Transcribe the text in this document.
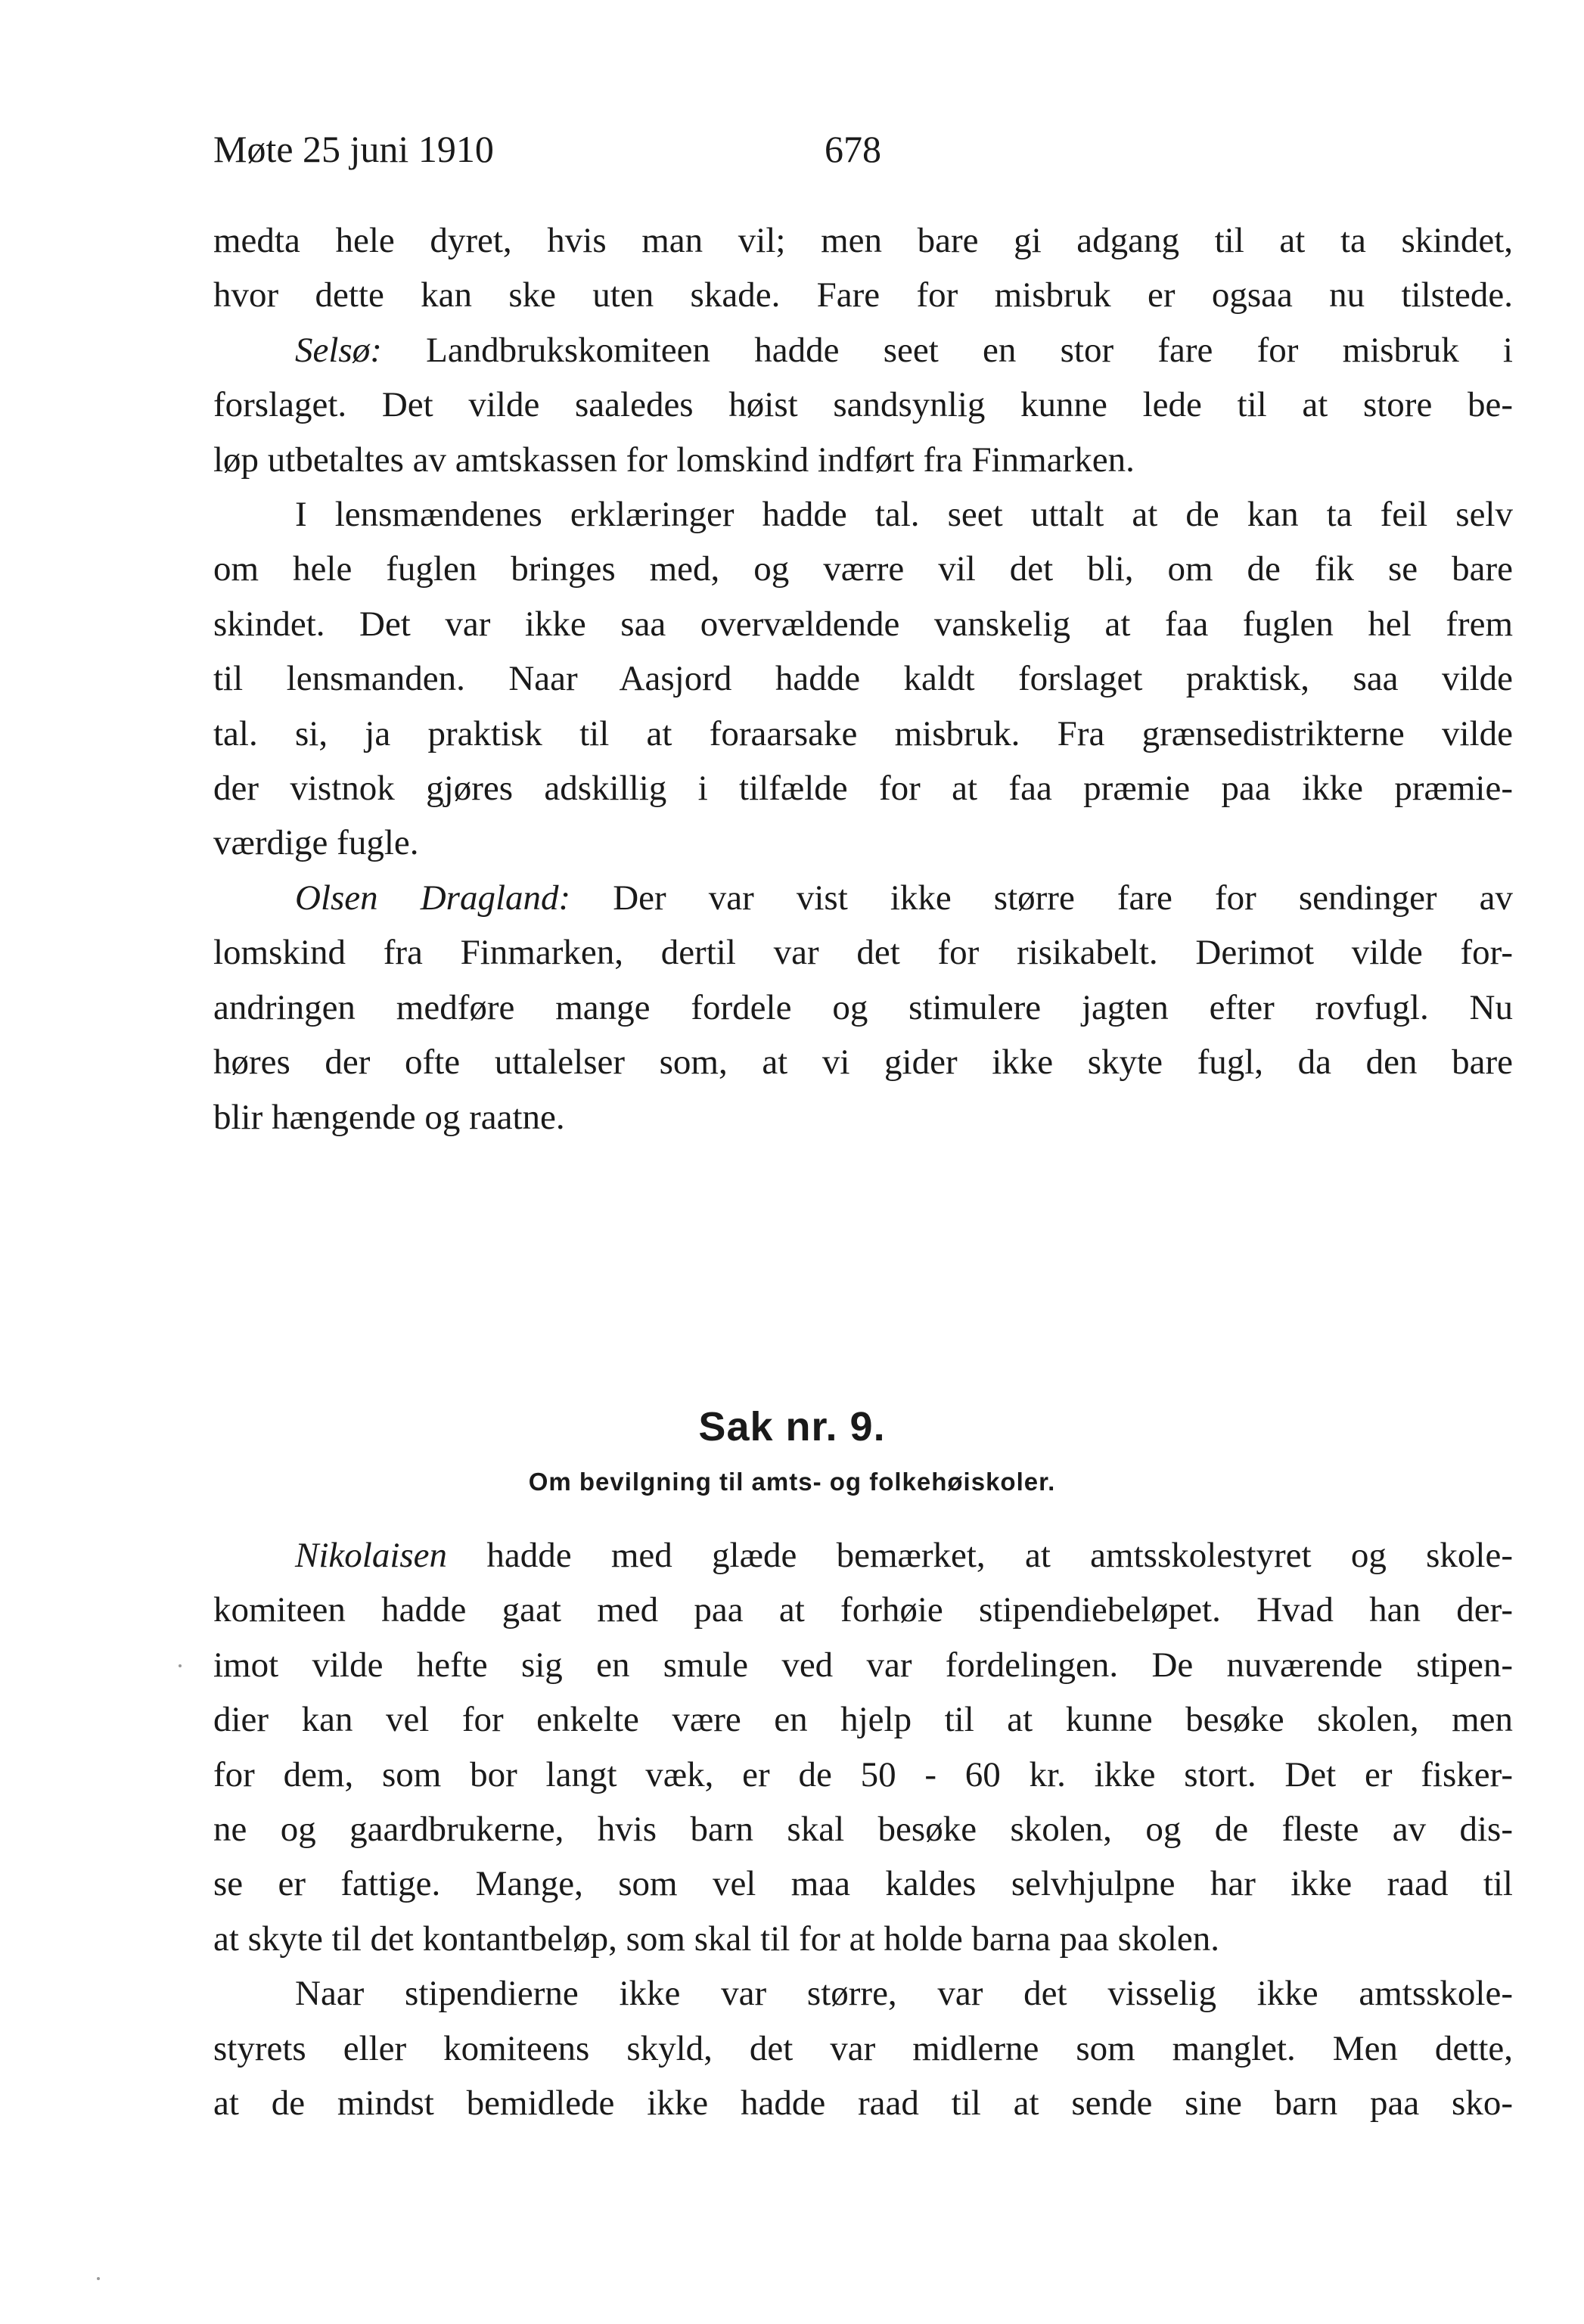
Møte 25 juni 1910	678
medta hele dyret, hvis man vil; men bare gi adgang til at ta skindet,
hvor dette kan ske uten skade. Fare for misbruk er ogsaa nu tilstede.
Selsø: Landbrukskomiteen hadde seet en stor fare for misbruk i
forslaget. Det vilde saaledes høist sandsynlig kunne lede til at store be-
løp utbetaltes av amtskassen for lomskind indført fra Finmarken.
I lensmændenes erklæringer hadde tal. seet uttalt at de kan ta feil selv
om hele fuglen bringes med, og værre vil det bli, om de fik se bare
skindet. Det var ikke saa overvældende vanskelig at faa fuglen hel frem
til lensmanden. Naar Aasjord hadde kaldt forslaget praktisk, saa vilde
tal. si, ja praktisk til at foraarsake misbruk. Fra grænsedistrikterne vilde
der vistnok gjøres adskillig i tilfælde for at faa præmie paa ikke præmie-
værdige fugle.
Olsen Dragland: Der var vist ikke større fare for sendinger av
lomskind fra Finmarken, dertil var det for risikabelt. Derimot vilde for-
andringen medføre mange fordele og stimulere jagten efter rovfugl. Nu
høres der ofte uttalelser som, at vi gider ikke skyte fugl, da den bare
blir hængende og raatne.
Sak nr. 9.
Om bevilgning til amts- og folkehøiskoler.
Nikolaisen hadde med glæde bemærket, at amtsskolestyret og skole-
komiteen hadde gaat med paa at forhøie stipendiebeløpet. Hvad han der-
imot vilde hefte sig en smule ved var fordelingen. De nuværende stipen-
dier kan vel for enkelte være en hjelp til at kunne besøke skolen, men
for dem, som bor langt væk, er de 50 - 60 kr. ikke stort. Det er fisker-
ne og gaardbrukerne, hvis barn skal besøke skolen, og de fleste av dis-
se er fattige. Mange, som vel maa kaldes selvhjulpne har ikke raad til
at skyte til det kontantbeløp, som skal til for at holde barna paa skolen.
Naar stipendierne ikke var større, var det visselig ikke amtsskole-
styrets eller komiteens skyld, det var midlerne som manglet. Men dette,
at de mindst bemidlede ikke hadde raad til at sende sine barn paa sko-
